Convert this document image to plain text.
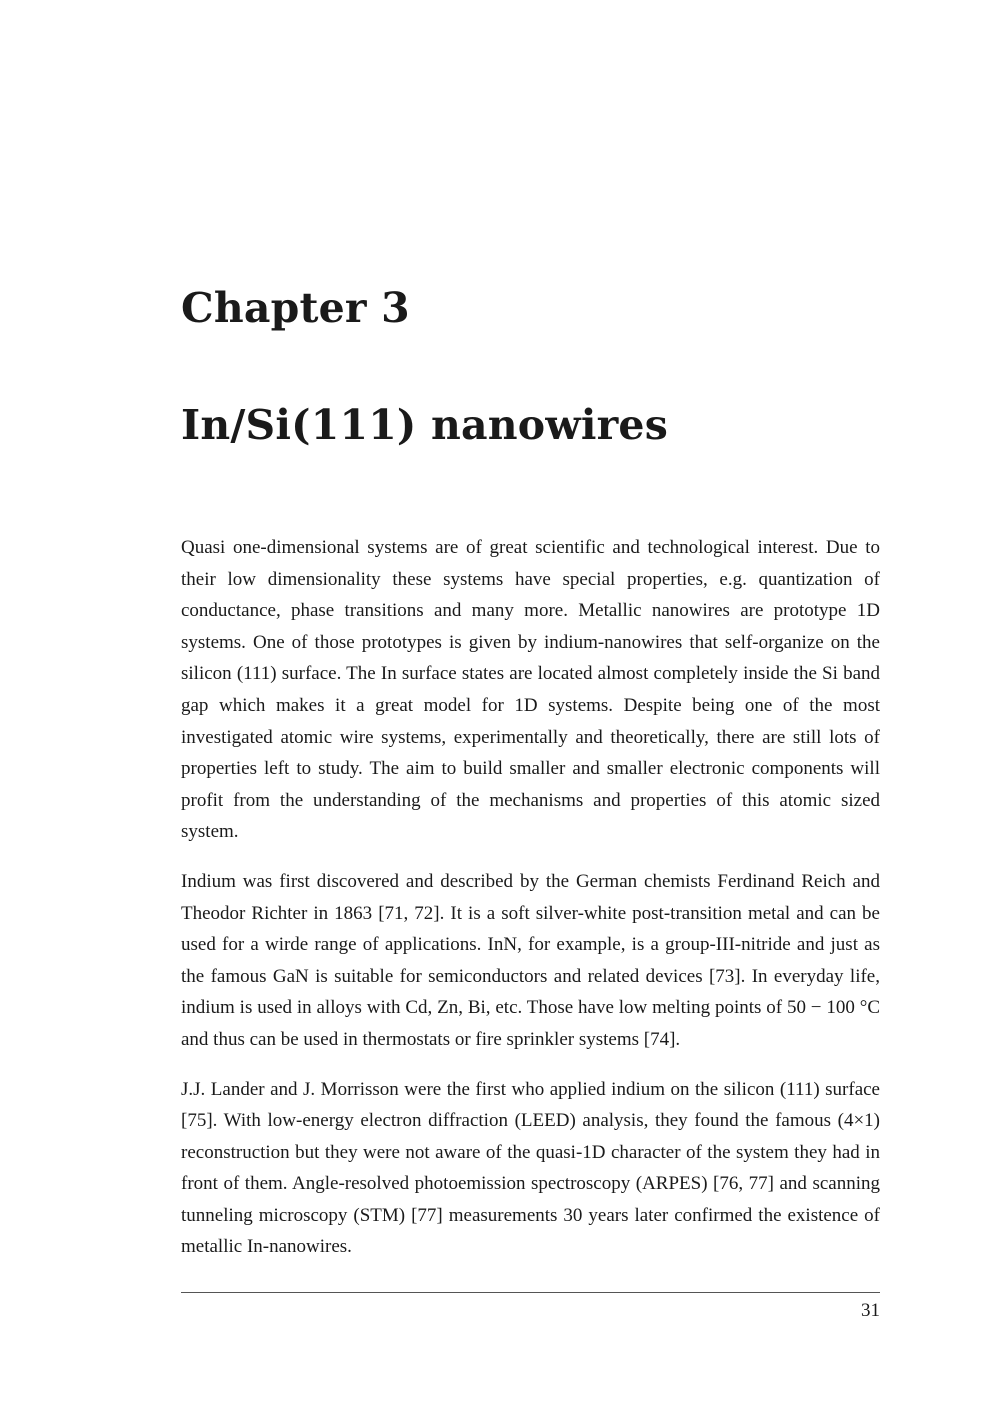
Chapter 3
In/Si(111) nanowires

Quasi one-dimensional systems are of great scientific and technological interest. Due to their low dimensionality these systems have special properties, e.g. quantization of conductance, phase transitions and many more. Metallic nanowires are prototype 1D systems. One of those prototypes is given by indium-nanowires that self-organize on the silicon (111) surface. The In surface states are located almost completely inside the Si band gap which makes it a great model for 1D systems. Despite being one of the most investigated atomic wire systems, experimentally and theoretically, there are still lots of properties left to study. The aim to build smaller and smaller electronic components will profit from the understanding of the mechanisms and properties of this atomic sized system.

Indium was first discovered and described by the German chemists Ferdinand Reich and Theodor Richter in 1863 [71, 72]. It is a soft silver-white post-transition metal and can be used for a wirde range of applications. InN, for example, is a group-III-nitride and just as the famous GaN is suitable for semiconductors and related devices [73]. In everyday life, indium is used in alloys with Cd, Zn, Bi, etc. Those have low melting points of 50 − 100 °C and thus can be used in thermostats or fire sprinkler systems [74].

J.J. Lander and J. Morrisson were the first who applied indium on the silicon (111) surface [75]. With low-energy electron diffraction (LEED) analysis, they found the famous (4×1) reconstruction but they were not aware of the quasi-1D character of the system they had in front of them. Angle-resolved photoemission spectroscopy (ARPES) [76, 77] and scanning tunneling microscopy (STM) [77] measurements 30 years later confirmed the existence of metallic In-nanowires.

31
